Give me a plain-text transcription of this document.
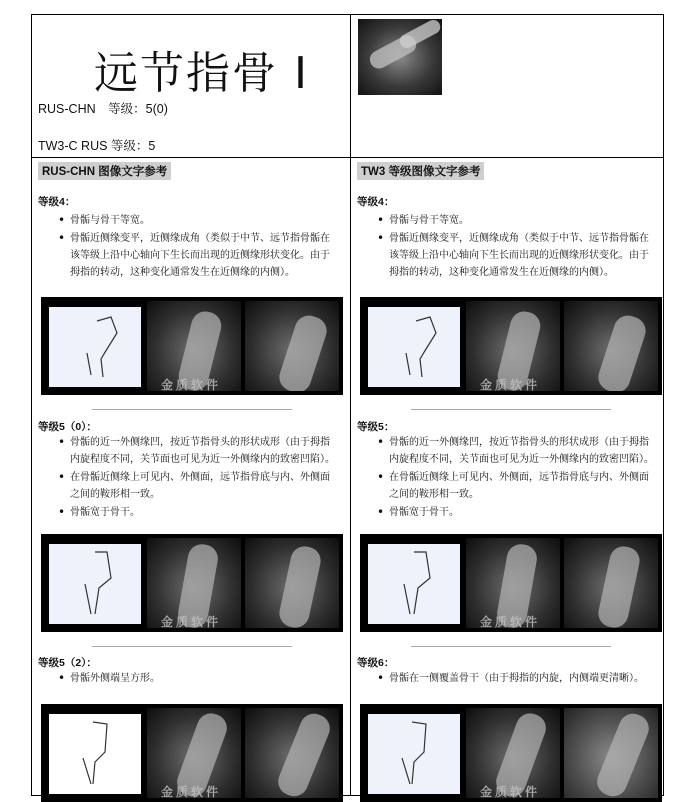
远节指骨 I
RUS-CHN　等级：5(0)
TW3-C RUS 等级：5
RUS-CHN 图像文字参考
等级4：
• 骨骺与骨干等宽。
• 骨骺近侧缘变平，近侧缘成角（类似于中节、远节指骨骺在该等级上沿中心轴向下生长而出现的近侧缘形状变化。由于拇指的转动，这种变化通常发生在近侧缘的内侧）。
金质软件
等级5（0）：
• 骨骺的近一外侧缘凹，按近节指骨头的形状成形（由于拇指内旋程度不同，关节面也可见为近一外侧缘内的致密凹陷）。
• 在骨骺近侧缘上可见内、外侧面，远节指骨底与内、外侧面之间的鞍形相一致。
• 骨骺宽于骨干。
金质软件
等级5（2）：
• 骨骺外侧端呈方形。
金质软件
TW3 等级图像文字参考
等级4：
• 骨骺与骨干等宽。
• 骨骺近侧缘变平，近侧缘成角（类似于中节、远节指骨骺在该等级上沿中心轴向下生长而出现的近侧缘形状变化。由于拇指的转动，这种变化通常发生在近侧缘的内侧）。
金质软件
等级5：
• 骨骺的近一外侧缘凹，按近节指骨头的形状成形（由于拇指内旋程度不同，关节面也可见为近一外侧缘内的致密凹陷）。
• 在骨骺近侧缘上可见内、外侧面，远节指骨底与内、外侧面之间的鞍形相一致。
• 骨骺宽于骨干。
金质软件
等级6：
• 骨骺在一侧覆盖骨干（由于拇指的内旋，内侧端更清晰）。
金质软件
